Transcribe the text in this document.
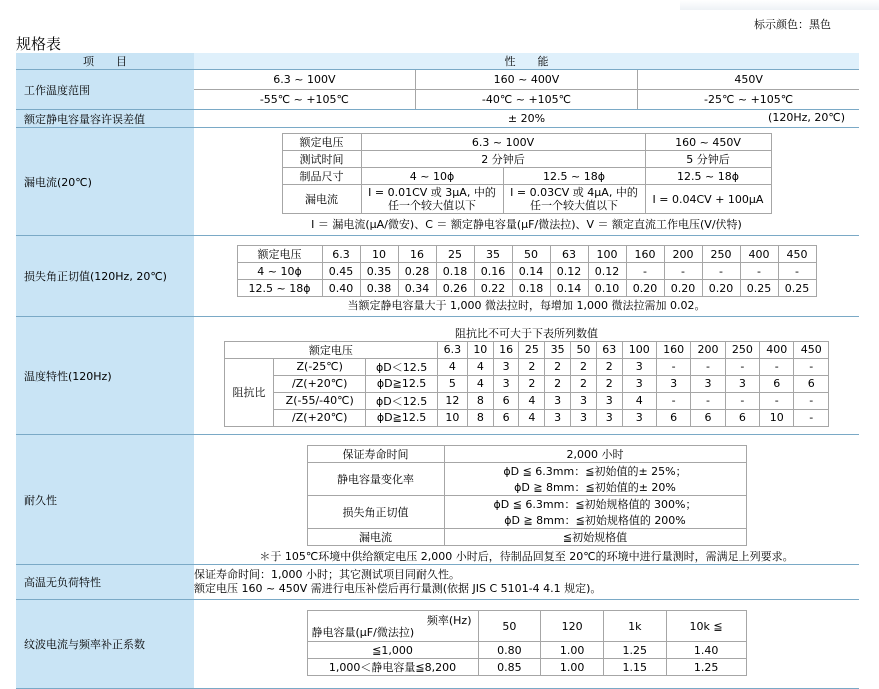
标示颜色：黑色
规格表
项　　目	性　　能
工作温度范围	
6.3 ~ 100V	160 ~ 400V	450V
-55℃ ~ +105℃	-40℃ ~ +105℃	-25℃ ~ +105℃

额定静电容量容许误差值	± 20%	(120Hz, 20℃)

漏电流(20℃)	
额定电压	6.3 ~ 100V	160 ~ 450V
测试时间	2 分钟后	5 分钟后
制品尺寸	4 ~ 10ϕ	12.5 ~ 18ϕ	12.5 ~ 18ϕ
漏电流	I = 0.01CV 或 3μA, 中的任一个较大值以下	I = 0.03CV 或 4μA, 中的任一个较大值以下	I = 0.04CV + 100μA
I ＝ 漏电流(μA/微安)、C ＝ 额定静电容量(μF/微法拉)、V ＝ 额定直流工作电压(V/伏特)

损失角正切值(120Hz, 20℃)	
额定电压	6.3	10	16	25	35	50	63	100	160	200	250	400	450
4 ~ 10ϕ	0.45	0.35	0.28	0.18	0.16	0.14	0.12	0.12	-	-	-	-	-
12.5 ~ 18ϕ	0.40	0.38	0.34	0.26	0.22	0.18	0.14	0.10	0.20	0.20	0.20	0.25	0.25
当额定静电容量大于 1,000 微法拉时，每增加 1,000 微法拉需加 0.02。

温度特性(120Hz)	
阻抗比不可大于下表所列数值
额定电压	6.3	10	16	25	35	50	63	100	160	200	250	400	450
阻抗比	Z(-25℃)	ϕD＜12.5	4	4	3	2	2	2	2	3	-	-	-	-	-
/Z(+20℃)	ϕD≧12.5	5	4	3	2	2	2	2	3	3	3	3	6	6
Z(-55/-40℃)	ϕD＜12.5	12	8	6	4	3	3	3	4	-	-	-	-	-
/Z(+20℃)	ϕD≧12.5	10	8	6	4	3	3	3	3	6	6	6	10	-

耐久性	
保证寿命时间	2,000 小时

静电容量变化率	
ϕD ≦ 6.3mm：≦初始值的± 25%；
ϕD ≧ 8mm：≦初始值的± 20%

损失角正切值	
ϕD ≦ 6.3mm：≦初始规格值的 300%；
ϕD ≧ 8mm：≦初始规格值的 200%

漏电流	≦初始规格值
＊于 105℃环境中供给额定电压 2,000 小时后，待制品回复至 20℃的环境中进行量测时，需满足上列要求。

高温无负荷特性	
保证寿命时间：1,000 小时；其它测试项目同耐久性。
额定电压 160 ~ 450V 需进行电压补偿后再行量测(依据 JIS C 5101-4 4.1 规定)。

纹波电流与频率补正系数	
频率(Hz)
静电容量(μF/微法拉)	50	120	1k	10k ≦
≦1,000	0.80	1.00	1.25	1.40
1,000＜静电容量≦8,200	0.85	1.00	1.15	1.25
